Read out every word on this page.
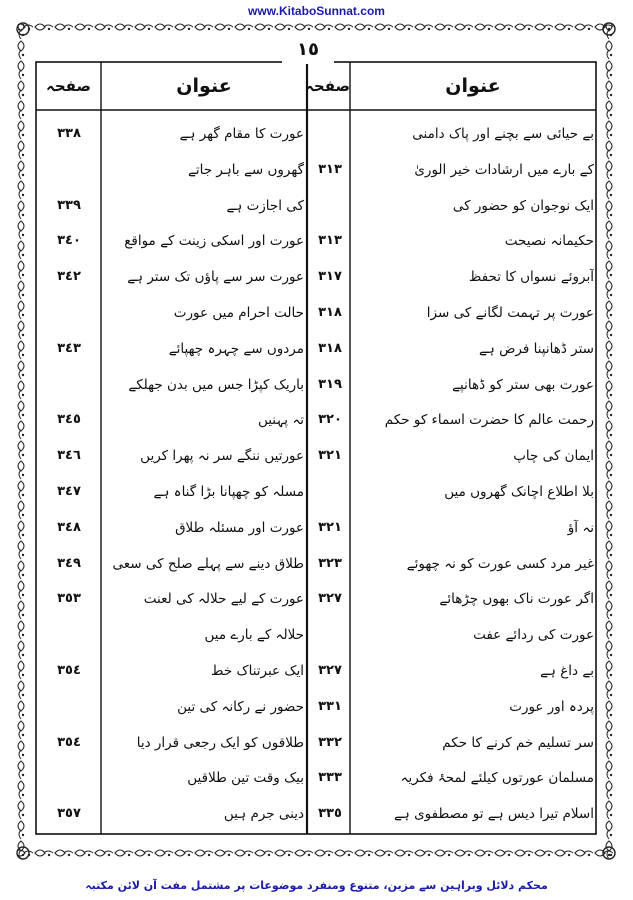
www.KitaboSunnat.com
١٥
عنوان
صفحہ
عنوان
صفحہ
بے حیائی سے بچنے اور پاک دامنی
کے بارے میں ارشادات خیر الوریٰ
٣١٣
ایک نوجوان کو حضور کی
حکیمانہ نصیحت
٣١٣
آبروئے نسواں کا تحفظ
٣١٧
عورت پر تہمت لگانے کی سزا
٣١٨
ستر ڈھانپنا فرض ہے
٣١٨
عورت بھی ستر کو ڈھانپے
٣١٩
رحمت عالم کا حضرت اسماء کو حکم
٣٢٠
ایمان کی چاپ
٣٢١
بلا اطلاع اچانک گھروں میں
نہ آؤ
٣٢١
غیر مرد کسی عورت کو نہ چھوئے
٣٢٣
اگر عورت ناک بھوں چڑھائے
٣٢٧
عورت کی ردائے عفت
بے داغ ہے
٣٢٧
پردہ اور عورت
٣٣١
سر تسلیم خم کرنے کا حکم
٣٣٢
مسلمان عورتوں کیلئے لمحۂ فکریہ
٣٣٣
اسلام تیرا دیس ہے تو مصطفوی ہے
٣٣٥
عورت کا مقام گھر ہے
٣٣٨
گھروں سے باہر جاتے
کی اجازت ہے
٣٣٩
عورت اور اسکی زینت کے مواقع
٣٤٠
عورت سر سے پاؤں تک ستر ہے
٣٤٢
حالت احرام میں عورت
مردوں سے چہرہ چھپائے
٣٤٣
باریک کپڑا جس میں بدن جھلکے
تہ پہنیں
٣٤٥
عورتیں ننگے سر نہ پھرا کریں
٣٤٦
مسلہ کو چھپانا بڑا گناہ ہے
٣٤٧
عورت اور مسئلہ طلاق
٣٤٨
طلاق دینے سے پہلے صلح کی سعی
٣٤٩
عورت کے لیے حلالہ کی لعنت
٣٥٣
حلالہ کے بارے میں
ایک عبرتناک خط
٣٥٤
حضور نے رکانہ کی تین
طلاقوں کو ایک رجعی قرار دیا
٣٥٤
بیک وقت تین طلاقیں
دینی جرم ہیں
٣٥٧
محکم دلائل وبراہین سے مزین، متنوع ومنفرد موضوعات پر مشتمل مفت آن لائن مکتبہ
